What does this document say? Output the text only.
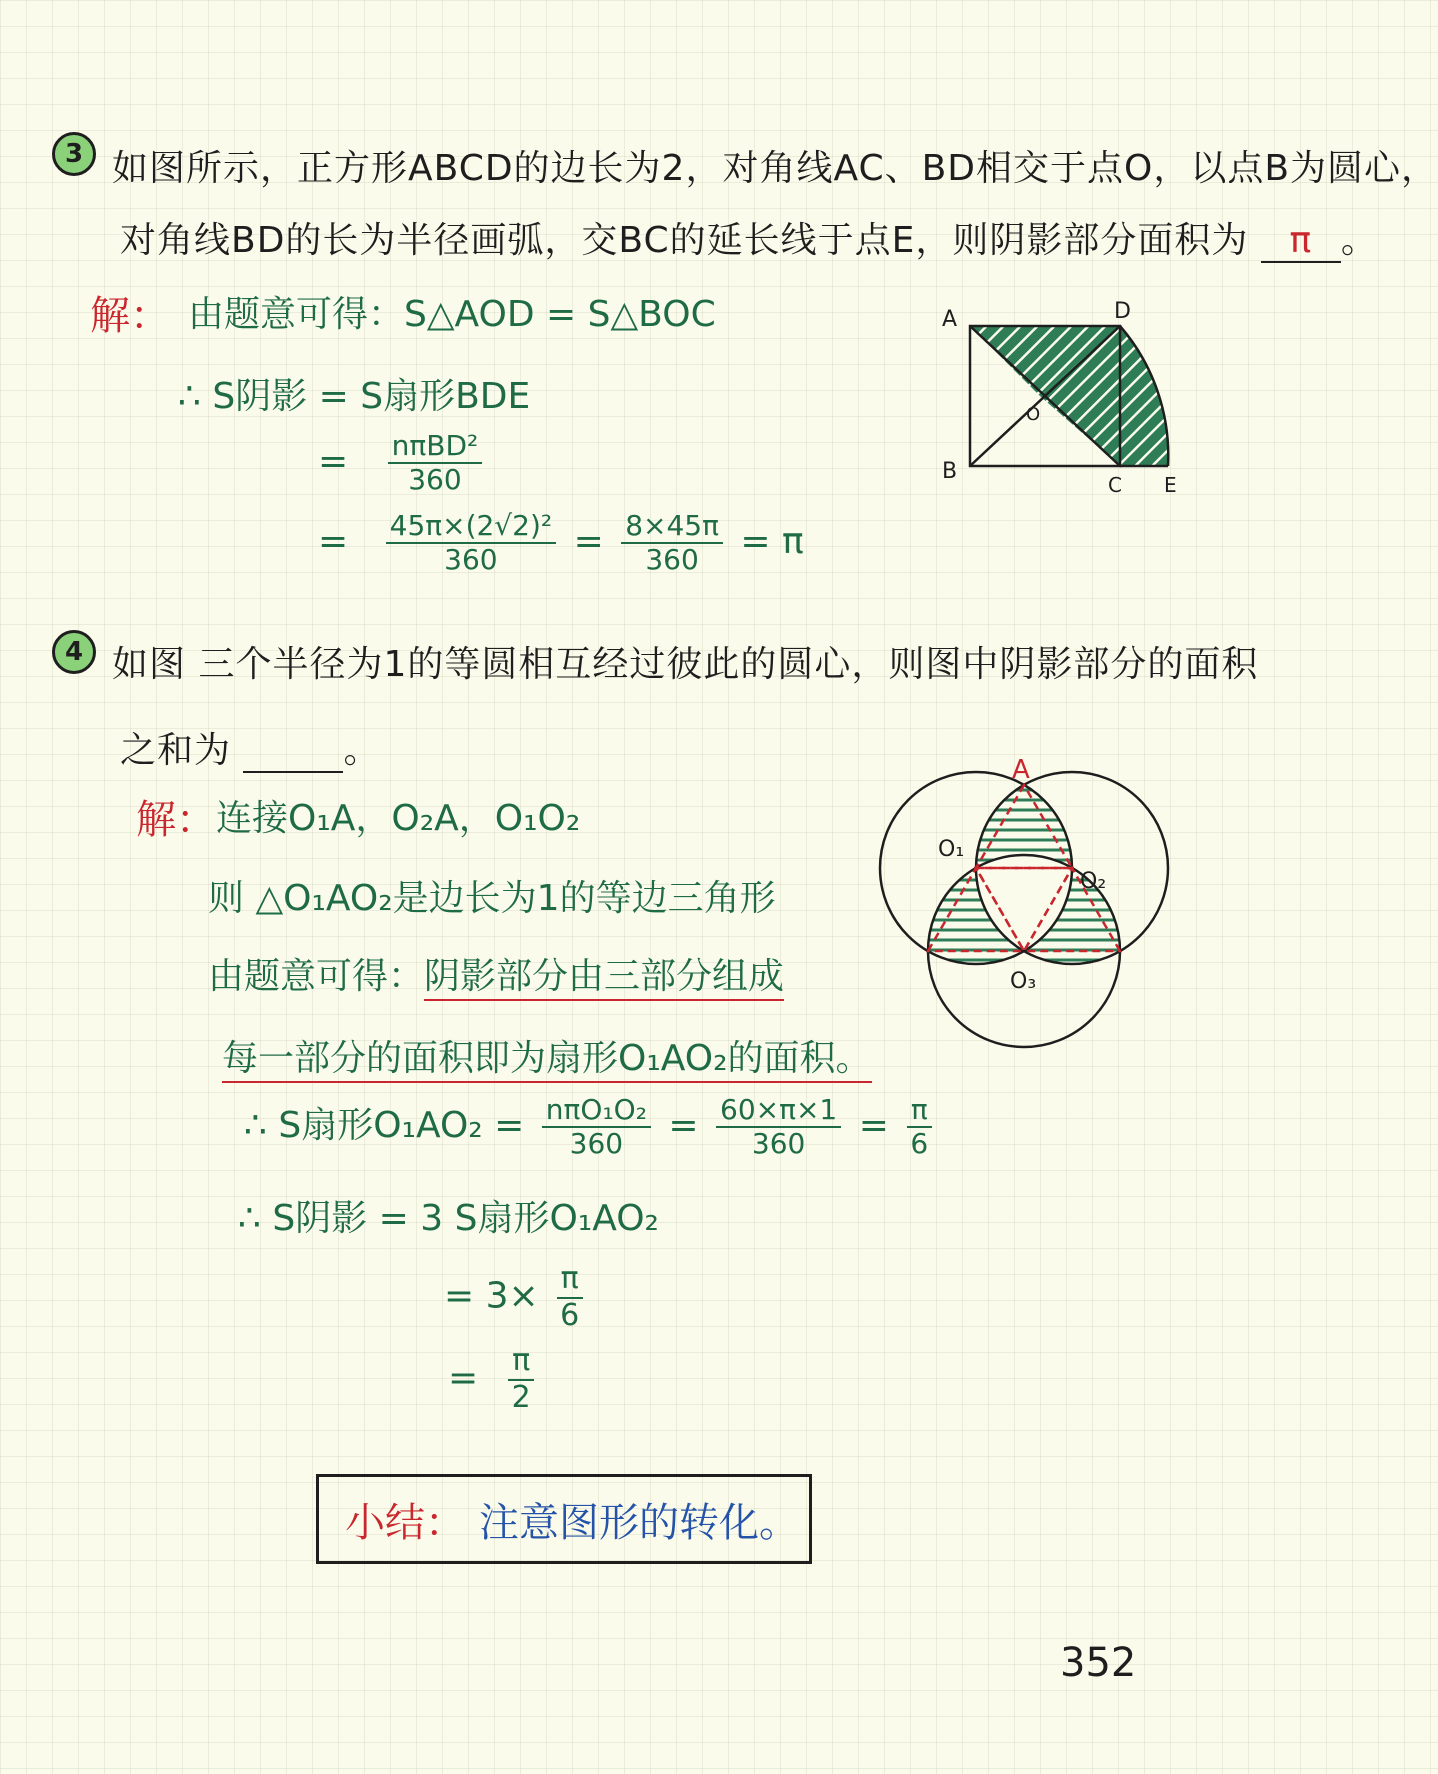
3 如图所示，正方形ABCD的边长为2，对角线AC、BD相交于点O，以点B为圆心，
对角线BD的长为半径画弧，交BC的延长线于点E，则阴影部分面积为 π 。
解： 由题意可得：S△AOD = S△BOC
∴ S阴影 = S扇形BDE
= $\frac{\text{nπBD²}}{360}$
= $\frac{\text{45π×(2√2)²}}{360} = \frac{8\times 45\pi}{360} = \pi$
A	D
B
C E
O
4 如图 三个半径为1的等圆相互经过彼此的圆心，则图中阴影部分的面积
之和为	。
解： 连接O₁A，O₂A，O₁O₂
则 △O₁AO₂是边长为1的等边三角形
由题意可得：阴影部分由三部分组成
每一部分的面积即为扇形O₁AO₂的面积。
∴ S扇形$O_1AO_2 = \frac{\text{nπO₁O₂}}{360} = \frac{60\times\pi\times 1}{360} = \frac{\pi}{6}$
∴ S阴影 = 3 S扇形O₁AO₂
= $3\times \frac{\pi}{6}$
= $\frac{\pi}{2}$
A
O₁
O₂
O₃
小结： 注意图形的转化。
352
